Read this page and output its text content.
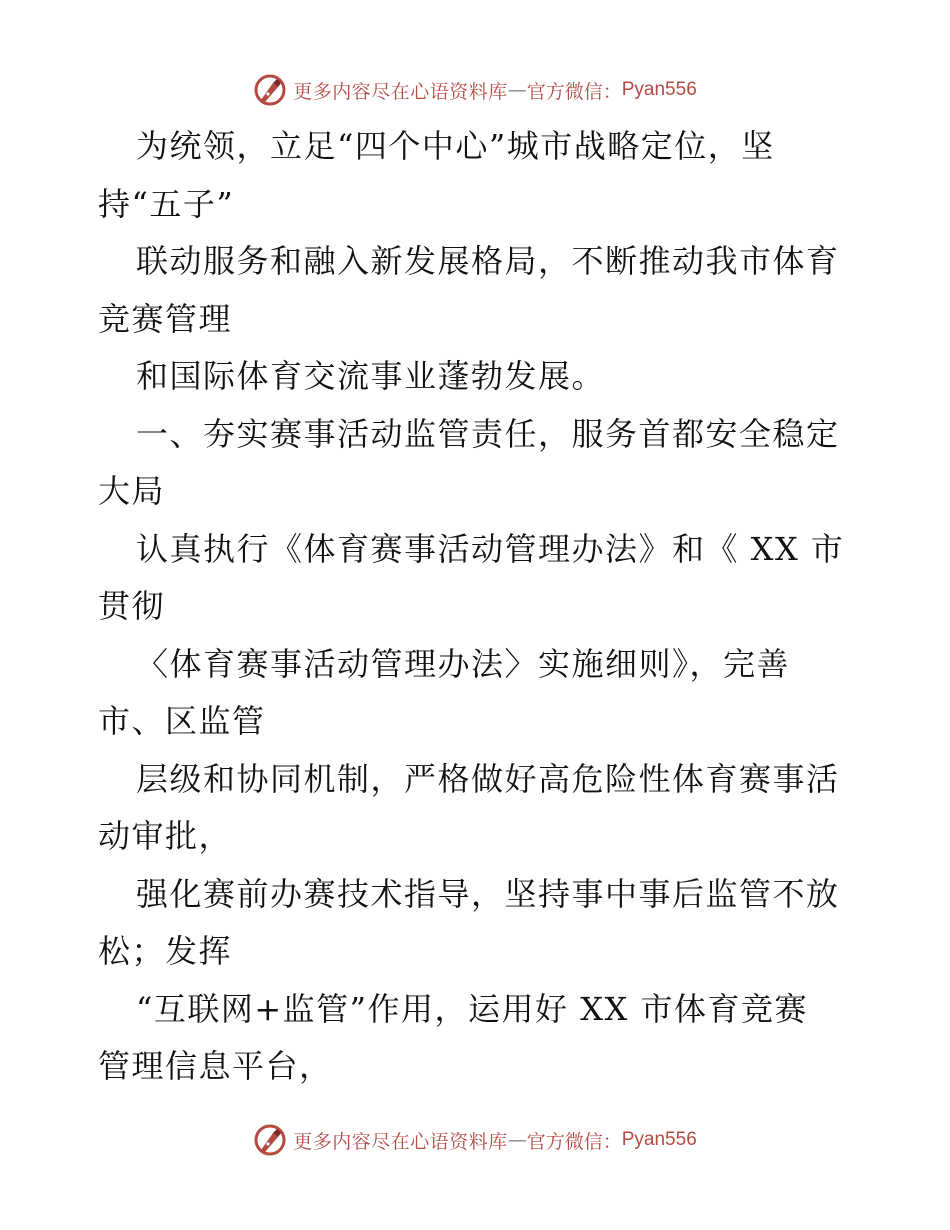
更多内容尽在心语资料库 — 官方微信： Pyan556
为统领，立足“四个中心”城市战略定位，坚
持“五子”
联动服务和融入新发展格局，不断推动我市体育
竞赛管理
和国际体育交流事业蓬勃发展。
一、夯实赛事活动监管责任，服务首都安全稳定
大局
认真执行《体育赛事活动管理办法》和《 XX 市
贯彻
〈体育赛事活动管理办法〉实施细则》，完善
市、区监管
层级和协同机制，严格做好高危险性体育赛事活
动审批，
强化赛前办赛技术指导，坚持事中事后监管不放
松；发挥
“互联网+监管”作用，运用好 XX 市体育竞赛
管理信息平台，
更多内容尽在心语资料库 — 官方微信： Pyan556
